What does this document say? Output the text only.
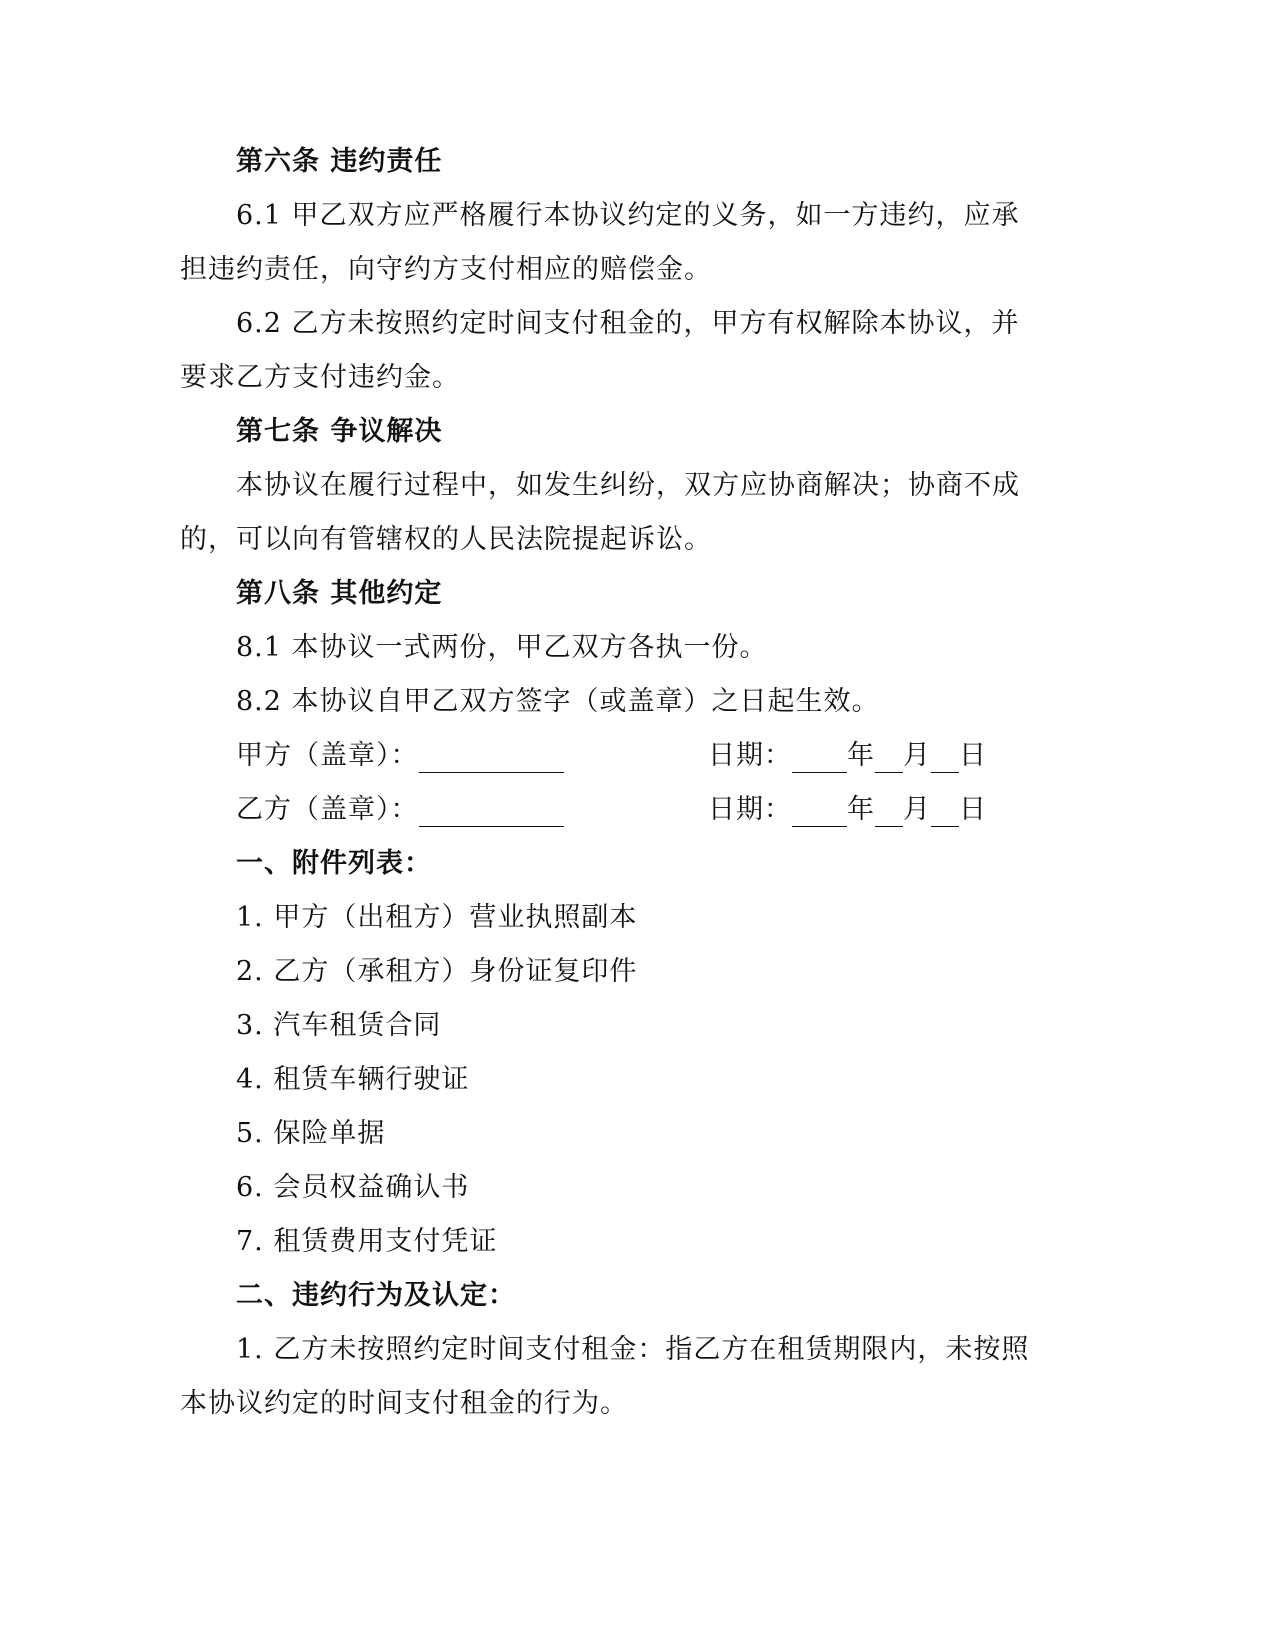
第六条 违约责任
6.1 甲乙双方应严格履行本协议约定的义务，如一方违约，应承
担违约责任，向守约方支付相应的赔偿金。
6.2 乙方未按照约定时间支付租金的，甲方有权解除本协议，并
要求乙方支付违约金。
第七条 争议解决
本协议在履行过程中，如发生纠纷，双方应协商解决；协商不成
的，可以向有管辖权的人民法院提起诉讼。
第八条 其他约定
8.1 本协议一式两份，甲乙双方各执一份。
8.2 本协议自甲乙双方签字（或盖章）之日起生效。
甲方（盖章）：	日期： 年 月 日
乙方（盖章）：	日期： 年 月 日
一、附件列表：
1. 甲方（出租方）营业执照副本
2. 乙方（承租方）身份证复印件
3. 汽车租赁合同
4. 租赁车辆行驶证
5. 保险单据
6. 会员权益确认书
7. 租赁费用支付凭证
二、违约行为及认定：
1. 乙方未按照约定时间支付租金：指乙方在租赁期限内，未按照
本协议约定的时间支付租金的行为。
